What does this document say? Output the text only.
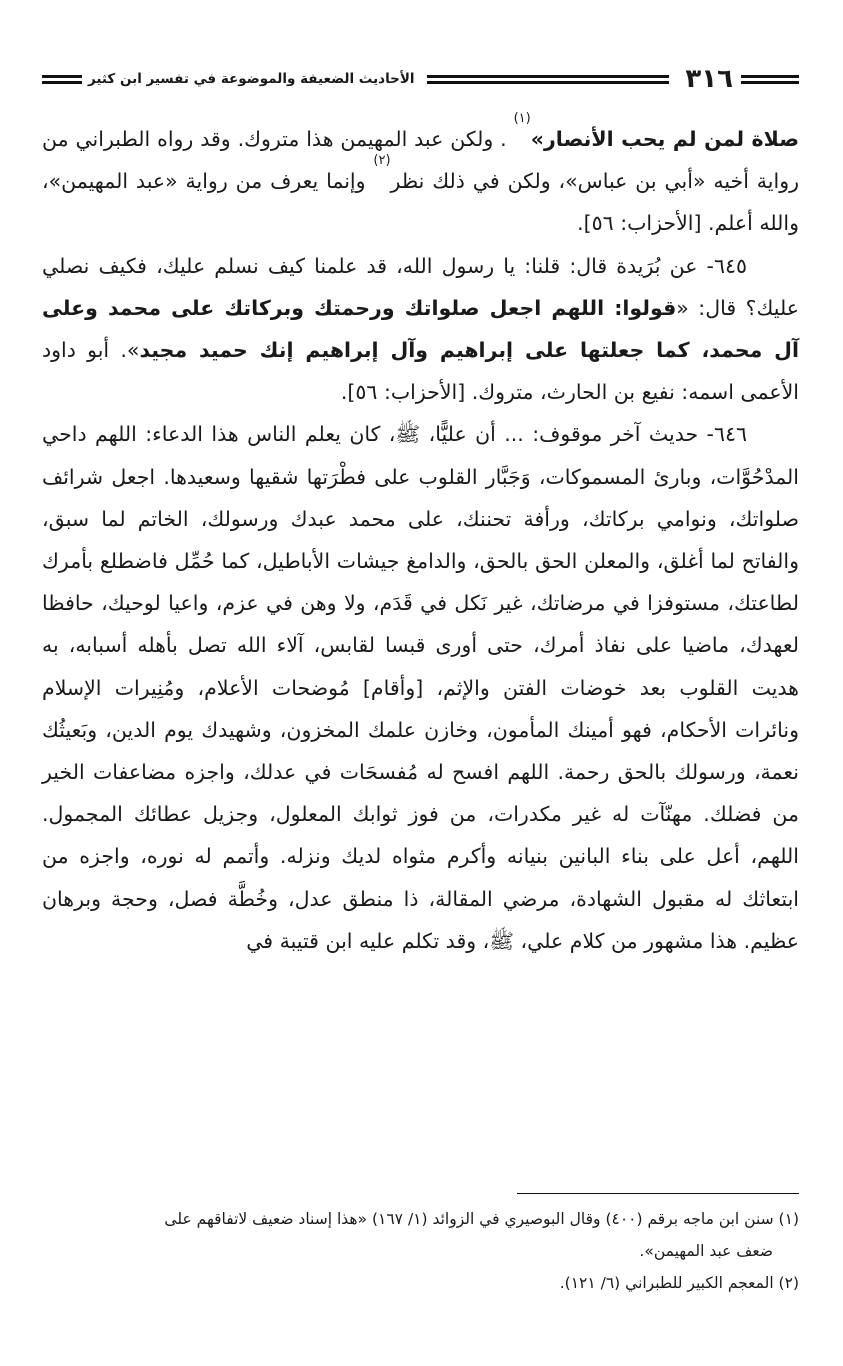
٣١٦
الأحاديث الضعيفة والموضوعة في تفسير ابن كثير

صلاة لمن لم يحب الأنصار»$^{(١)}$ . ولكن عبد المهيمن هذا متروك. وقد رواه الطبراني من رواية أخيه «أبي بن عباس»، ولكن في ذلك نظر$^{(٢)}$ وإنما يعرف من رواية «عبد المهيمن»، والله أعلم. [الأحزاب: ٥٦].

٦٤٥- عن بُرَيدة قال: قلنا: يا رسول الله، قد علمنا كيف نسلم عليك، فكيف نصلي عليك؟ قال: «قولوا: اللهم اجعل صلواتك ورحمتك وبركاتك على محمد وعلى آل محمد، كما جعلتها على إبراهيم وآل إبراهيم إنك حميد مجيد». أبو داود الأعمى اسمه: نفيع بن الحارث، متروك. [الأحزاب: ٥٦].

٦٤٦- حديث آخر موقوف: ... أن عليًّا، ﷺ، كان يعلم الناس هذا الدعاء: اللهم داحي المدْحُوَّات، وبارئ المسموكات، وَجَبَّار القلوب على فطْرَتها شقيها وسعيدها. اجعل شرائف صلواتك، ونوامي بركاتك، ورأفة تحننك، على محمد عبدك ورسولك، الخاتم لما سبق، والفاتح لما أغلق، والمعلن الحق بالحق، والدامغ جيشات الأباطيل، كما حُمِّل فاضطلع بأمرك لطاعتك، مستوفزا في مرضاتك، غير نَكل في قَدَم، ولا وهن في عزم، واعيا لوحيك، حافظا لعهدك، ماضيا على نفاذ أمرك، حتى أورى قبسا لقابس، آلاء الله تصل بأهله أسبابه، به هديت القلوب بعد خوضات الفتن والإثم، [وأقام] مُوضحات الأعلام، ومُنِيرات الإسلام ونائرات الأحكام، فهو أمينك المأمون، وخازن علمك المخزون، وشهيدك يوم الدين، وبَعيثُك نعمة، ورسولك بالحق رحمة. اللهم افسح له مُفسحَات في عدلك، واجزه مضاعفات الخير من فضلك. مهنّآت له غير مكدرات، من فوز ثوابك المعلول، وجزيل عطائك المجمول. اللهم، أعل على بناء البانين بنيانه وأكرم مثواه لديك ونزله. وأتمم له نوره، واجزه من ابتعاثك له مقبول الشهادة، مرضي المقالة، ذا منطق عدل، وخُطَّة فصل، وحجة وبرهان عظيم. هذا مشهور من كلام علي، ﷺ، وقد تكلم عليه ابن قتيبة في

(١) سنن ابن ماجه برقم (٤٠٠) وقال البوصيري في الزوائد (١/ ١٦٧) «هذا إسناد ضعيف لاتفاقهم على

ضعف عبد المهيمن».

(٢) المعجم الكبير للطبراني (٦/ ١٢١).
